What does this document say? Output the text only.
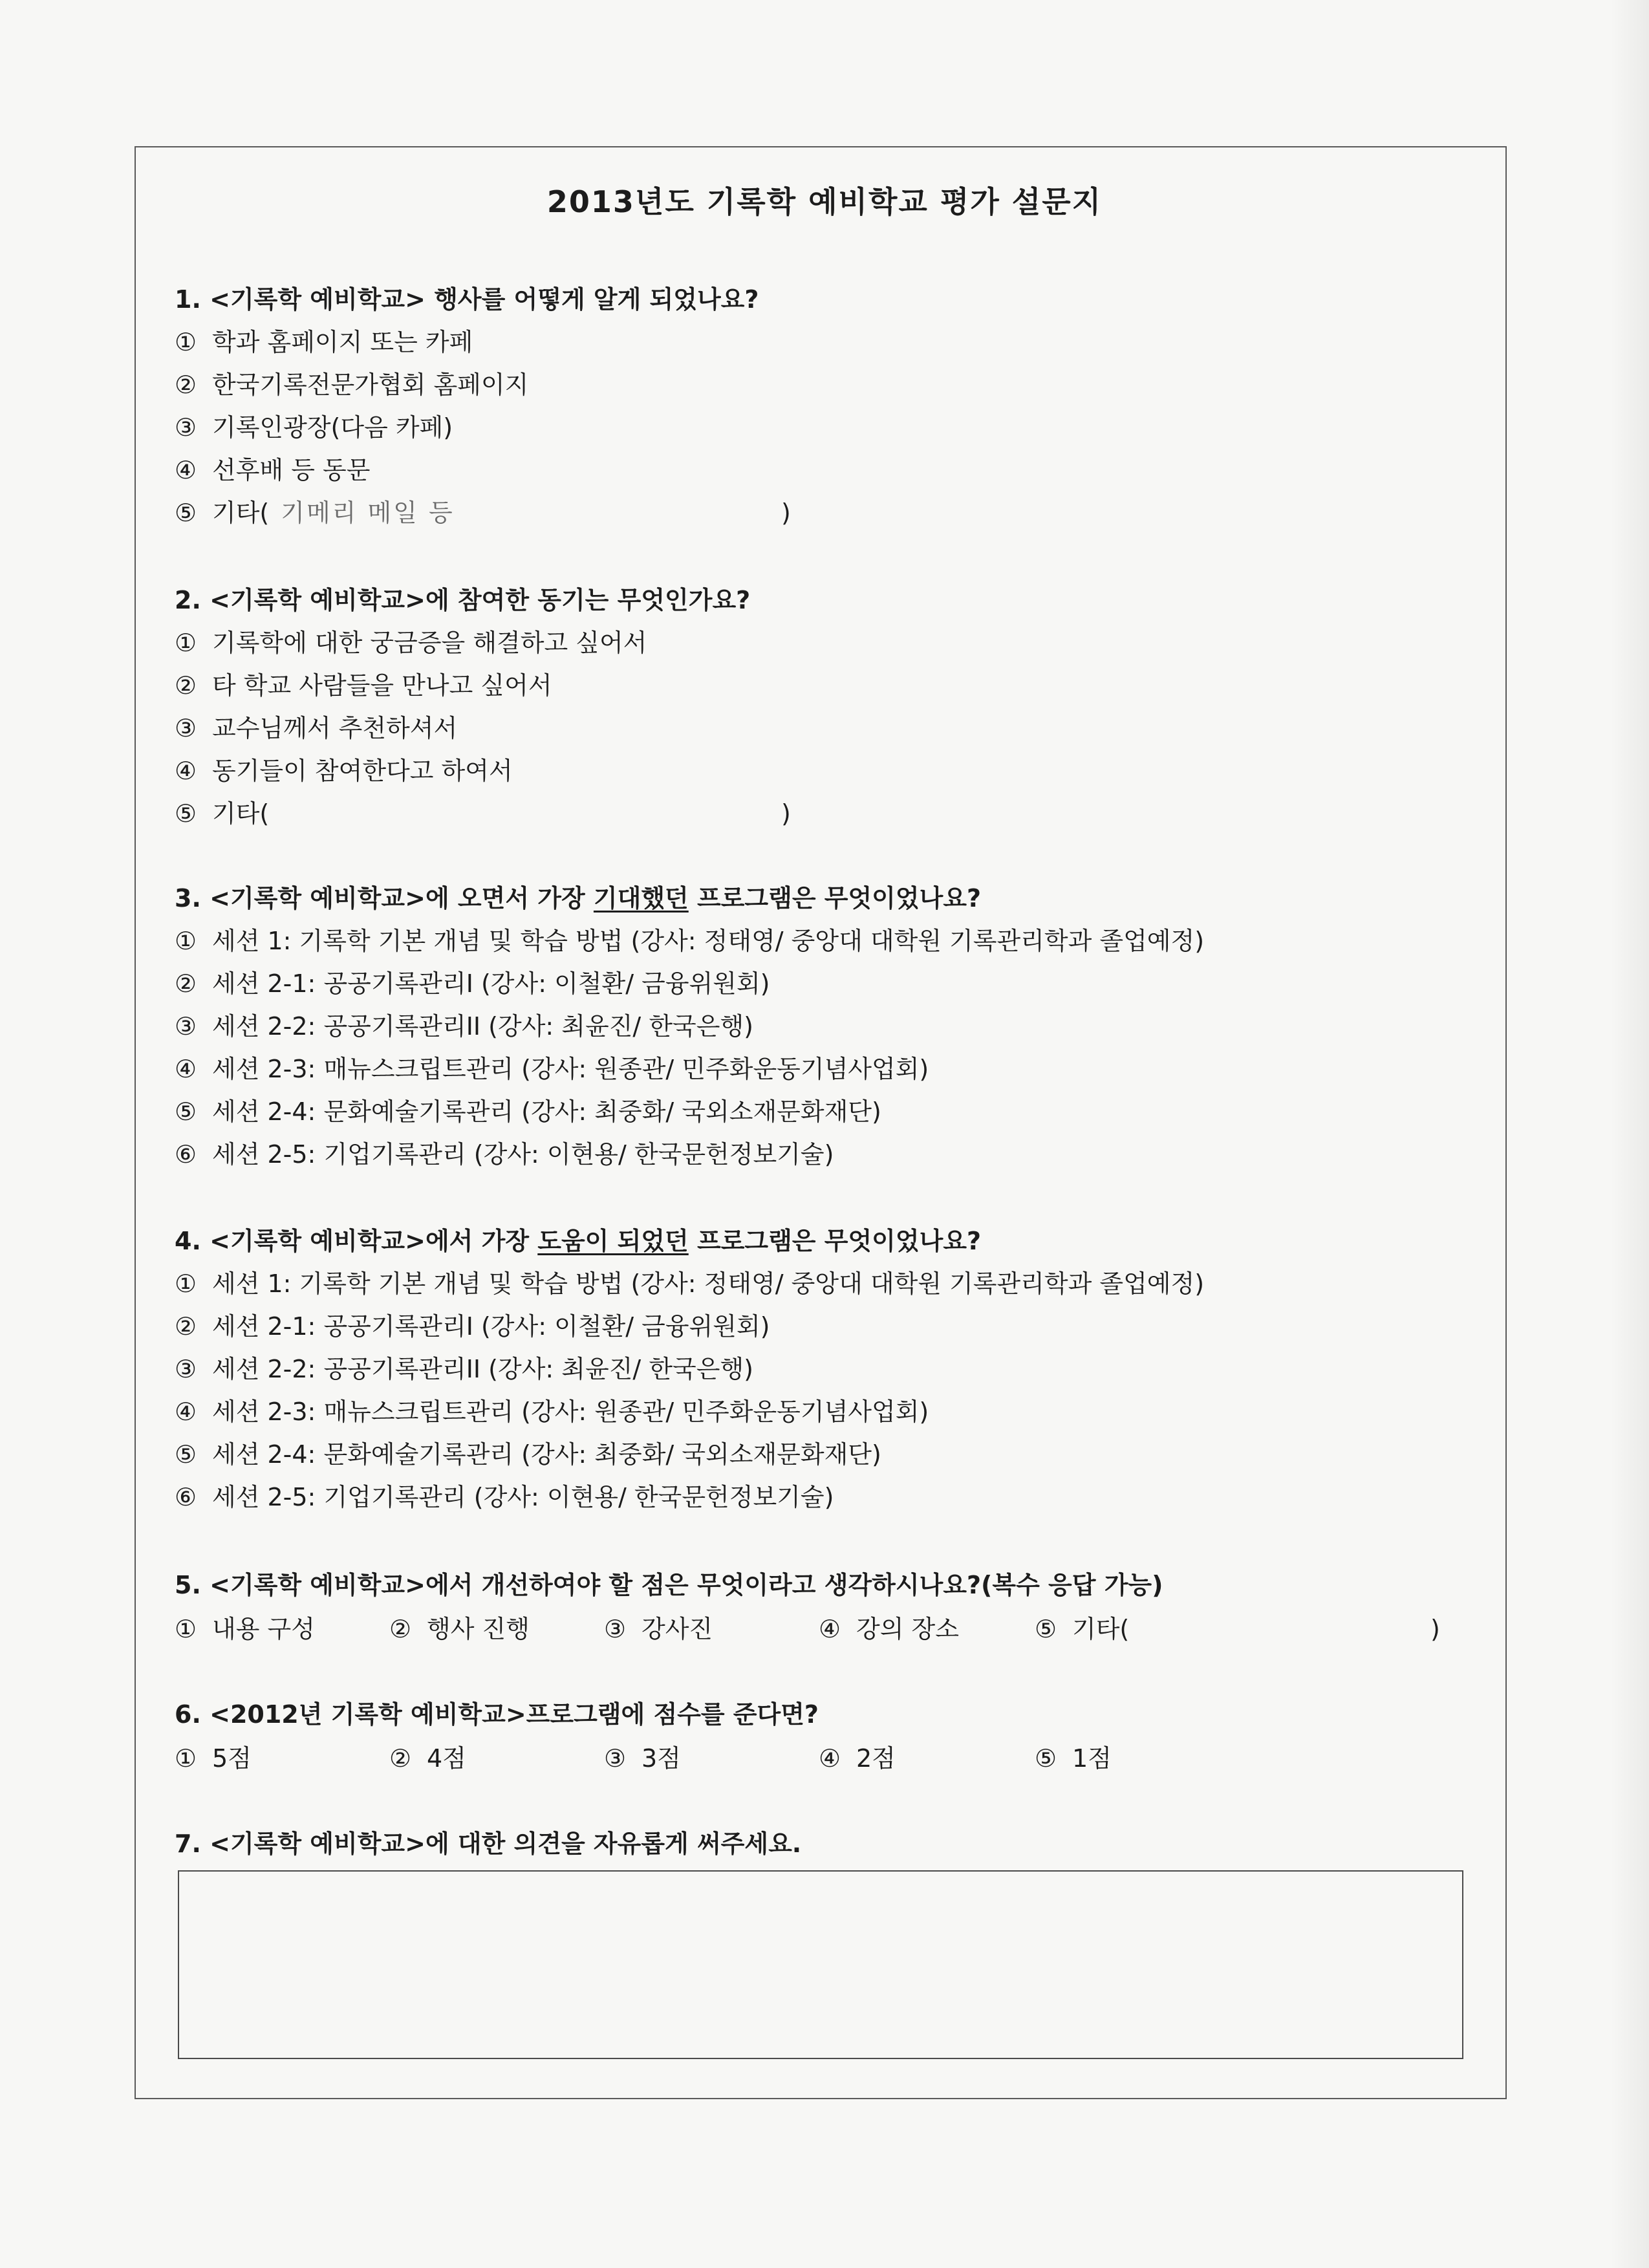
2013년도 기록학 예비학교 평가 설문지
1. <기록학 예비학교> 행사를 어떻게 알게 되었나요?
① 학과 홈페이지 또는 카페
② 한국기록전문가협회 홈페이지
③ 기록인광장(다음 카페)
④ 선후배 등 동문
⑤ 기타( 기메리 메일 등	)
2. <기록학 예비학교>에 참여한 동기는 무엇인가요?
① 기록학에 대한 궁금증을 해결하고 싶어서
② 타 학교 사람들을 만나고 싶어서
③ 교수님께서 추천하셔서
④ 동기들이 참여한다고 하여서
⑤ 기타(	)
3. <기록학 예비학교>에 오면서 가장 기대했던 프로그램은 무엇이었나요?
① 세션 1: 기록학 기본 개념 및 학습 방법 (강사: 정태영/ 중앙대 대학원 기록관리학과 졸업예정)
② 세션 2-1: 공공기록관리I (강사: 이철환/ 금융위원회)
③ 세션 2-2: 공공기록관리II (강사: 최윤진/ 한국은행)
④ 세션 2-3: 매뉴스크립트관리 (강사: 원종관/ 민주화운동기념사업회)
⑤ 세션 2-4: 문화예술기록관리 (강사: 최중화/ 국외소재문화재단)
⑥ 세션 2-5: 기업기록관리 (강사: 이현용/ 한국문헌정보기술)
4. <기록학 예비학교>에서 가장 도움이 되었던 프로그램은 무엇이었나요?
① 세션 1: 기록학 기본 개념 및 학습 방법 (강사: 정태영/ 중앙대 대학원 기록관리학과 졸업예정)
② 세션 2-1: 공공기록관리I (강사: 이철환/ 금융위원회)
③ 세션 2-2: 공공기록관리II (강사: 최윤진/ 한국은행)
④ 세션 2-3: 매뉴스크립트관리 (강사: 원종관/ 민주화운동기념사업회)
⑤ 세션 2-4: 문화예술기록관리 (강사: 최중화/ 국외소재문화재단)
⑥ 세션 2-5: 기업기록관리 (강사: 이현용/ 한국문헌정보기술)
5. <기록학 예비학교>에서 개선하여야 할 점은 무엇이라고 생각하시나요?(복수 응답 가능)
① 내용 구성	② 행사 진행	③ 강사진	④ 강의 장소	⑤ 기타(	)
6. <2012년 기록학 예비학교>프로그램에 점수를 준다면?
① 5점	② 4점	③ 3점	④ 2점	⑤ 1점
7. <기록학 예비학교>에 대한 의견을 자유롭게 써주세요.
